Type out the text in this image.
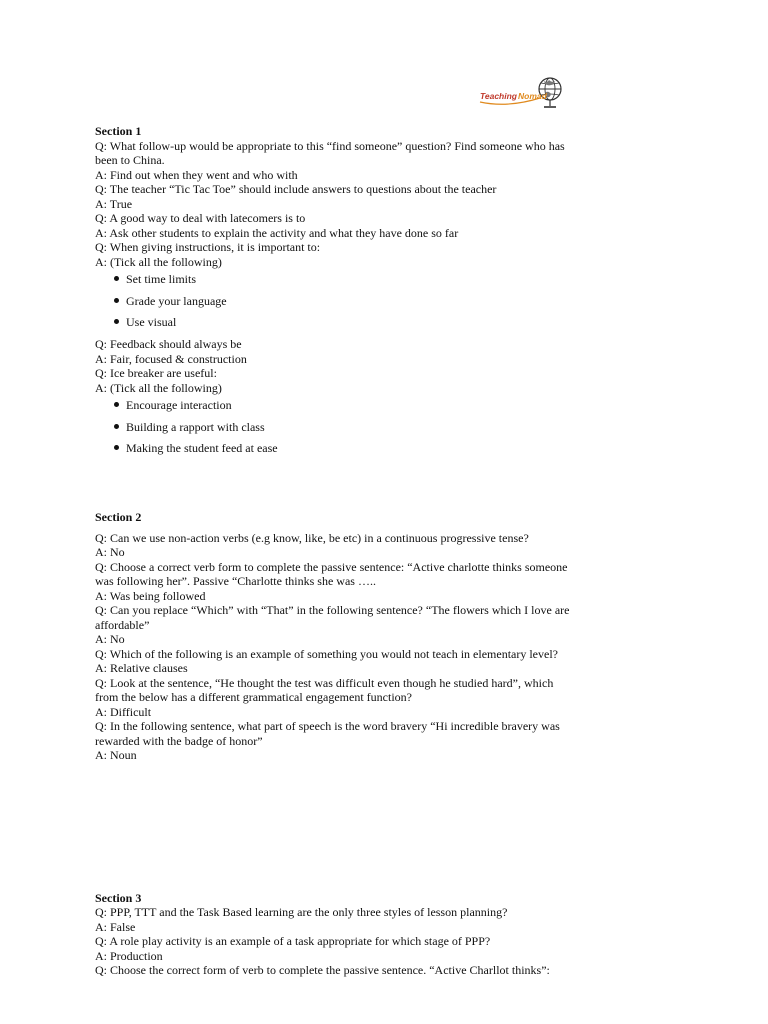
Teaching Nomad
Section 1
Q: What follow-up would be appropriate to this “find someone” question? Find someone who has been to China.
A: Find out when they went and who with
Q: The teacher “Tic Tac Toe” should include answers to questions about the teacher
A: True
Q: A good way to deal with latecomers is to
A: Ask other students to explain the activity and what they have done so far
Q: When giving instructions, it is important to:
A: (Tick all the following)
Set time limits
Grade your language
Use visual
Q: Feedback should always be
A: Fair, focused & construction
Q: Ice breaker are useful:
A: (Tick all the following)
Encourage interaction
Building a rapport with class
Making the student feed at ease
Section 2
Q: Can we use non-action verbs (e.g know, like, be etc) in a continuous progressive tense?
A: No
Q: Choose a correct verb form to complete the passive sentence: “Active charlotte thinks someone was following her”. Passive “Charlotte thinks she was …..
A: Was being followed
Q: Can you replace “Which” with “That” in the following sentence? “The flowers which I love are affordable”
A: No
Q: Which of the following is an example of something you would not teach in elementary level?
A: Relative clauses
Q: Look at the sentence, “He thought the test was difficult even though he studied hard”, which from the below has a different grammatical engagement function?
A: Difficult
Q: In the following sentence, what part of speech is the word bravery “Hi incredible bravery was rewarded with the badge of honor”
A: Noun
Section 3
Q: PPP, TTT and the Task Based learning are the only three styles of lesson planning?
A: False
Q: A role play activity is an example of a task appropriate for which stage of PPP?
A: Production
Q: Choose the correct form of verb to complete the passive sentence. “Active Charllot thinks”:
